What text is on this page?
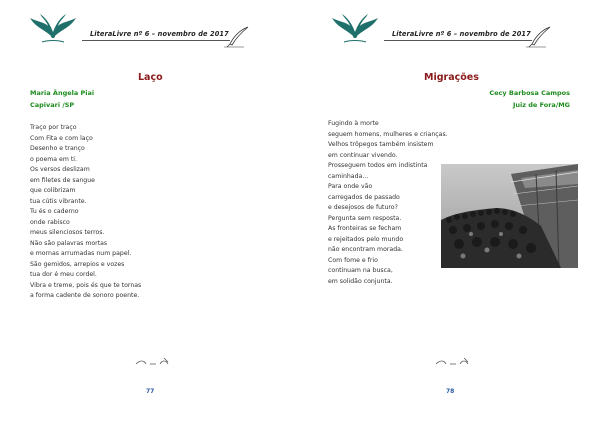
LiteraLivre nº 6 – novembro de 2017
Laço
Maria Ângela Piai
Capivari /SP
Traço por traço
Com Fita e com laço
Desenho e tranço
o poema em ti.
Os versos deslizam
em filetes de sangue
que colibrizam
tua cútis vibrante.
Tu és o caderno
onde rabisco
meus silenciosos terros.
Não são palavras mortas
e mornas arrumadas num papel.
São gemidos, arrepios e vozes
tua dor é meu cordel.
Vibra e treme, pois és que te tornas
a forma cadente de sonoro poente.
77
LiteraLivre nº 6 – novembro de 2017
Migrações
Cecy Barbosa Campos
Juiz de Fora/MG
Fugindo à morte
seguem homens, mulheres e crianças.
Velhos trôpegos também insistem
em continuar vivendo.
Prosseguem todos em indistinta
caminhada...
Para onde vão
carregados de passado
e desejosos de futuro?
Pergunta sem resposta.
As fronteiras se fecham
e rejeitados pelo mundo
não encontram morada.
Com fome e frio
continuam na busca,
em solidão conjunta.
78
